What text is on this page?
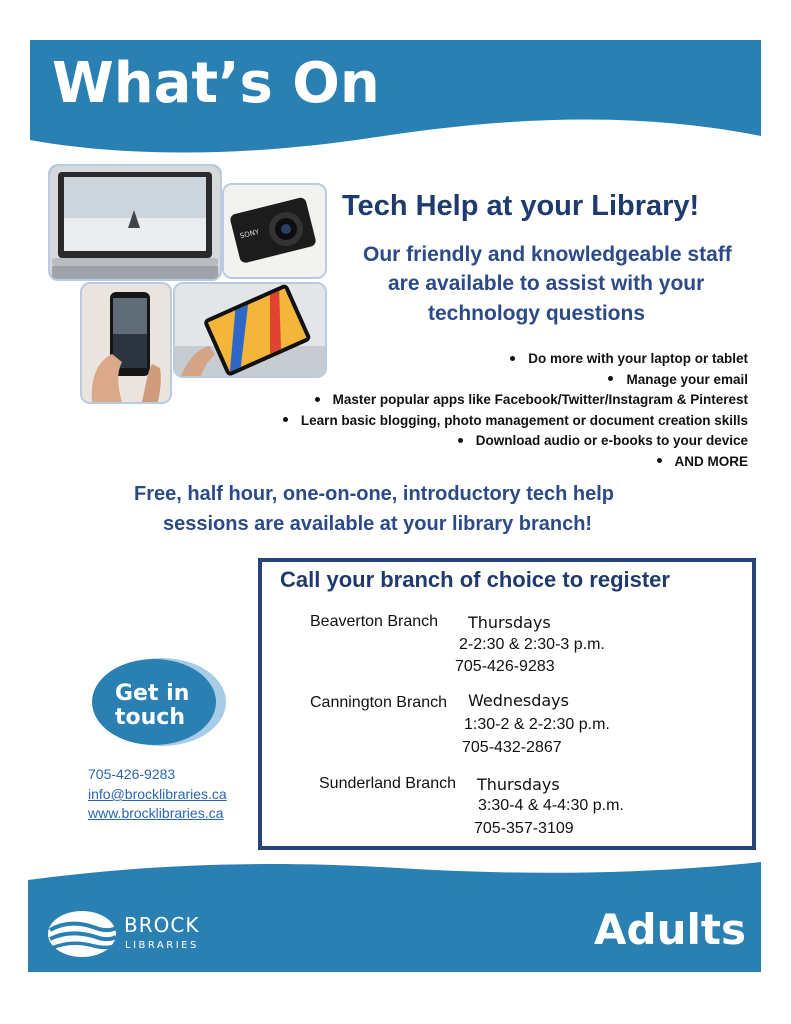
What’s On
SONY
Tech Help at your Library!
Our friendly and knowledgeable staff
are available to assist with your
technology questions
Do more with your laptop or tablet
Manage your email
Master popular apps like Facebook/Twitter/Instagram & Pinterest
Learn basic blogging, photo management or document creation skills
Download audio or e-books to your device
AND MORE
Free, half hour, one-on-one, introductory tech help
sessions are available at your library branch!
Call your branch of choice to register
Beaverton Branch Thursdays
2-2:30 & 2:30-3 p.m.
705-426-9283
Cannington Branch Wednesdays
1:30-2 & 2-2:30 p.m.
705-432-2867
Sunderland Branch Thursdays
3:30-4 & 4-4:30 p.m.
705-357-3109
Get in
touch
705-426-9283
info@brocklibraries.ca
www.brocklibraries.ca
BROCK
LIBRARIES	Adults
